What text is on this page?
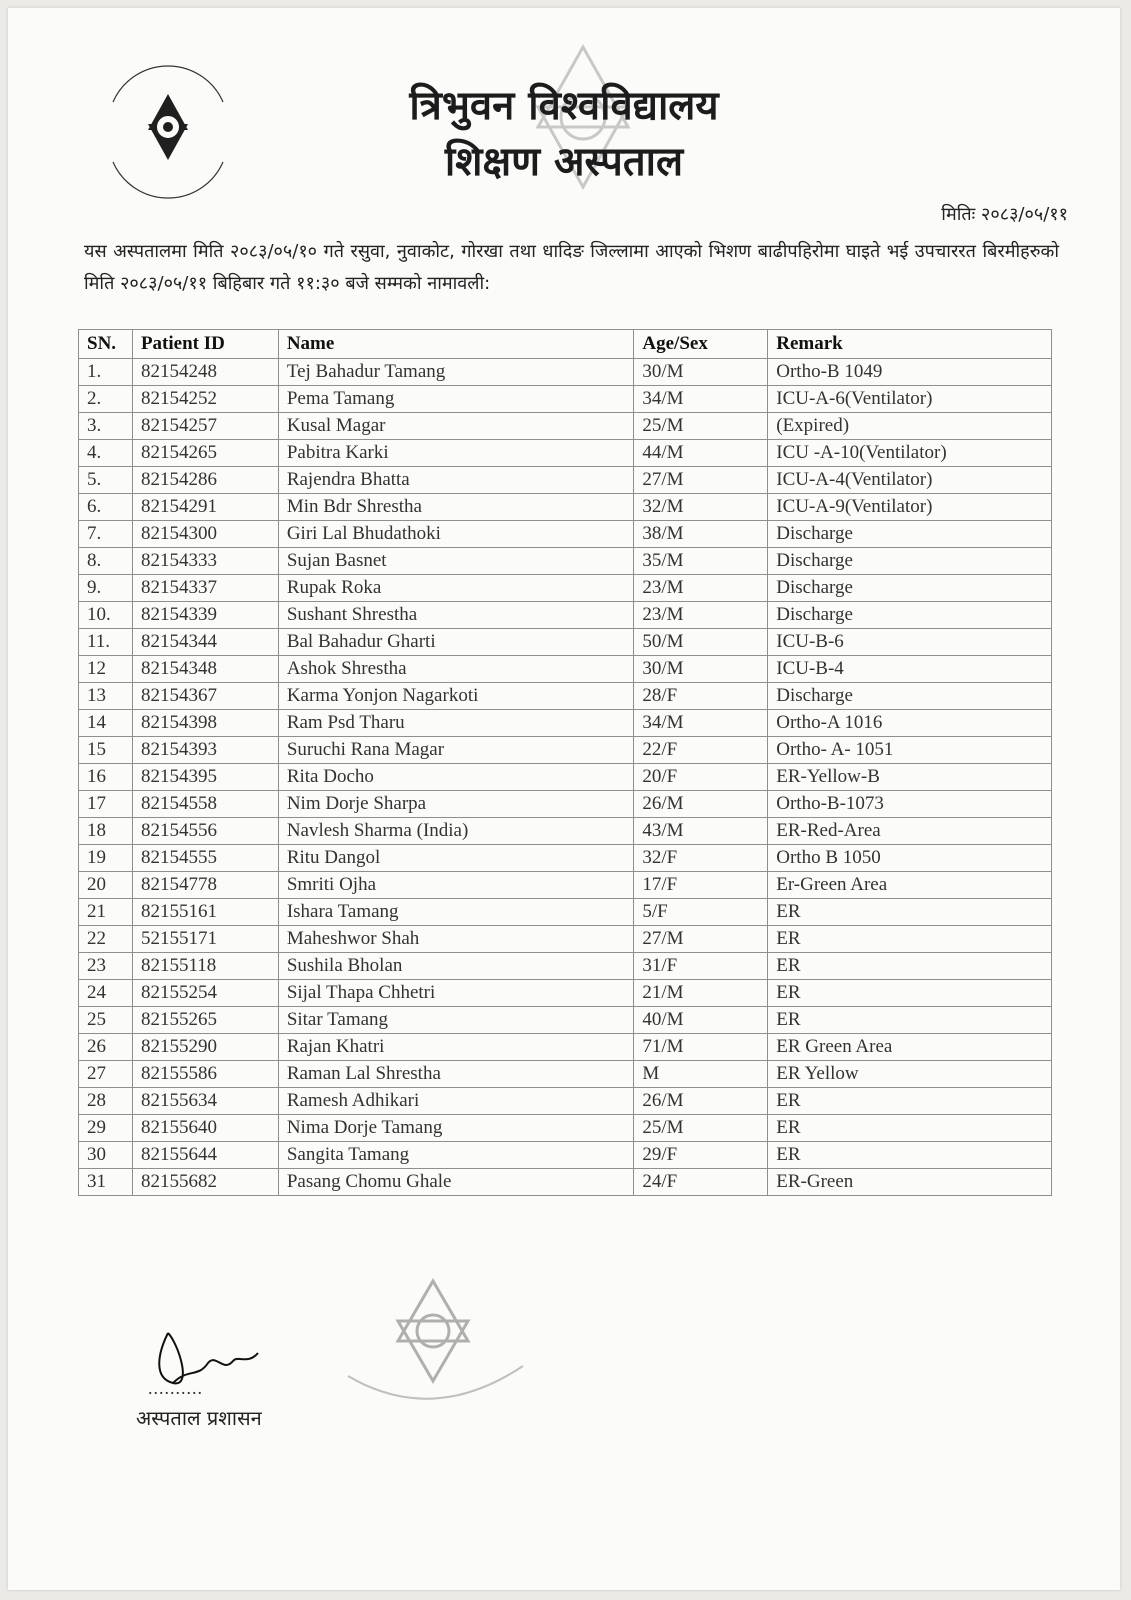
त्रिभुवन विश्वविद्यालय
शिक्षण अस्पताल
मितिः २०८३/०५/११
यस अस्पतालमा मिति २०८३/०५/१० गते रसुवा, नुवाकोट, गोरखा तथा धादिङ जिल्लामा आएको भिशण बाढीपहिरोमा घाइते भई उपचाररत बिरमीहरुको मिति २०८३/०५/११ बिहिबार गते ११:३० बजे सम्मको नामावली:
SN.	Patient ID	Name	Age/Sex	Remark
1.	82154248	Tej Bahadur Tamang	30/M	Ortho-B 1049
2.	82154252	Pema Tamang	34/M	ICU-A-6(Ventilator)
3.	82154257	Kusal Magar	25/M	(Expired)
4.	82154265	Pabitra Karki	44/M	ICU -A-10(Ventilator)
5.	82154286	Rajendra Bhatta	27/M	ICU-A-4(Ventilator)
6.	82154291	Min Bdr Shrestha	32/M	ICU-A-9(Ventilator)
7.	82154300	Giri Lal Bhudathoki	38/M	Discharge
8.	82154333	Sujan Basnet	35/M	Discharge
9.	82154337	Rupak Roka	23/M	Discharge
10.	82154339	Sushant Shrestha	23/M	Discharge
11.	82154344	Bal Bahadur Gharti	50/M	ICU-B-6
12	82154348	Ashok Shrestha	30/M	ICU-B-4
13	82154367	Karma Yonjon Nagarkoti	28/F	Discharge
14	82154398	Ram Psd Tharu	34/M	Ortho-A 1016
15	82154393	Suruchi Rana Magar	22/F	Ortho- A- 1051
16	82154395	Rita Docho	20/F	ER-Yellow-B
17	82154558	Nim Dorje Sharpa	26/M	Ortho-B-1073
18	82154556	Navlesh Sharma (India)	43/M	ER-Red-Area
19	82154555	Ritu Dangol	32/F	Ortho B 1050
20	82154778	Smriti Ojha	17/F	Er-Green Area
21	82155161	Ishara Tamang	5/F	ER
22	52155171	Maheshwor Shah	27/M	ER
23	82155118	Sushila Bholan	31/F	ER
24	82155254	Sijal Thapa Chhetri	21/M	ER
25	82155265	Sitar Tamang	40/M	ER
26	82155290	Rajan Khatri	71/M	ER Green Area
27	82155586	Raman Lal Shrestha	M	ER Yellow
28	82155634	Ramesh Adhikari	26/M	ER
29	82155640	Nima Dorje Tamang	25/M	ER
30	82155644	Sangita Tamang	29/F	ER
31	82155682	Pasang Chomu Ghale	24/F	ER-Green
..........
अस्पताल प्रशासन
